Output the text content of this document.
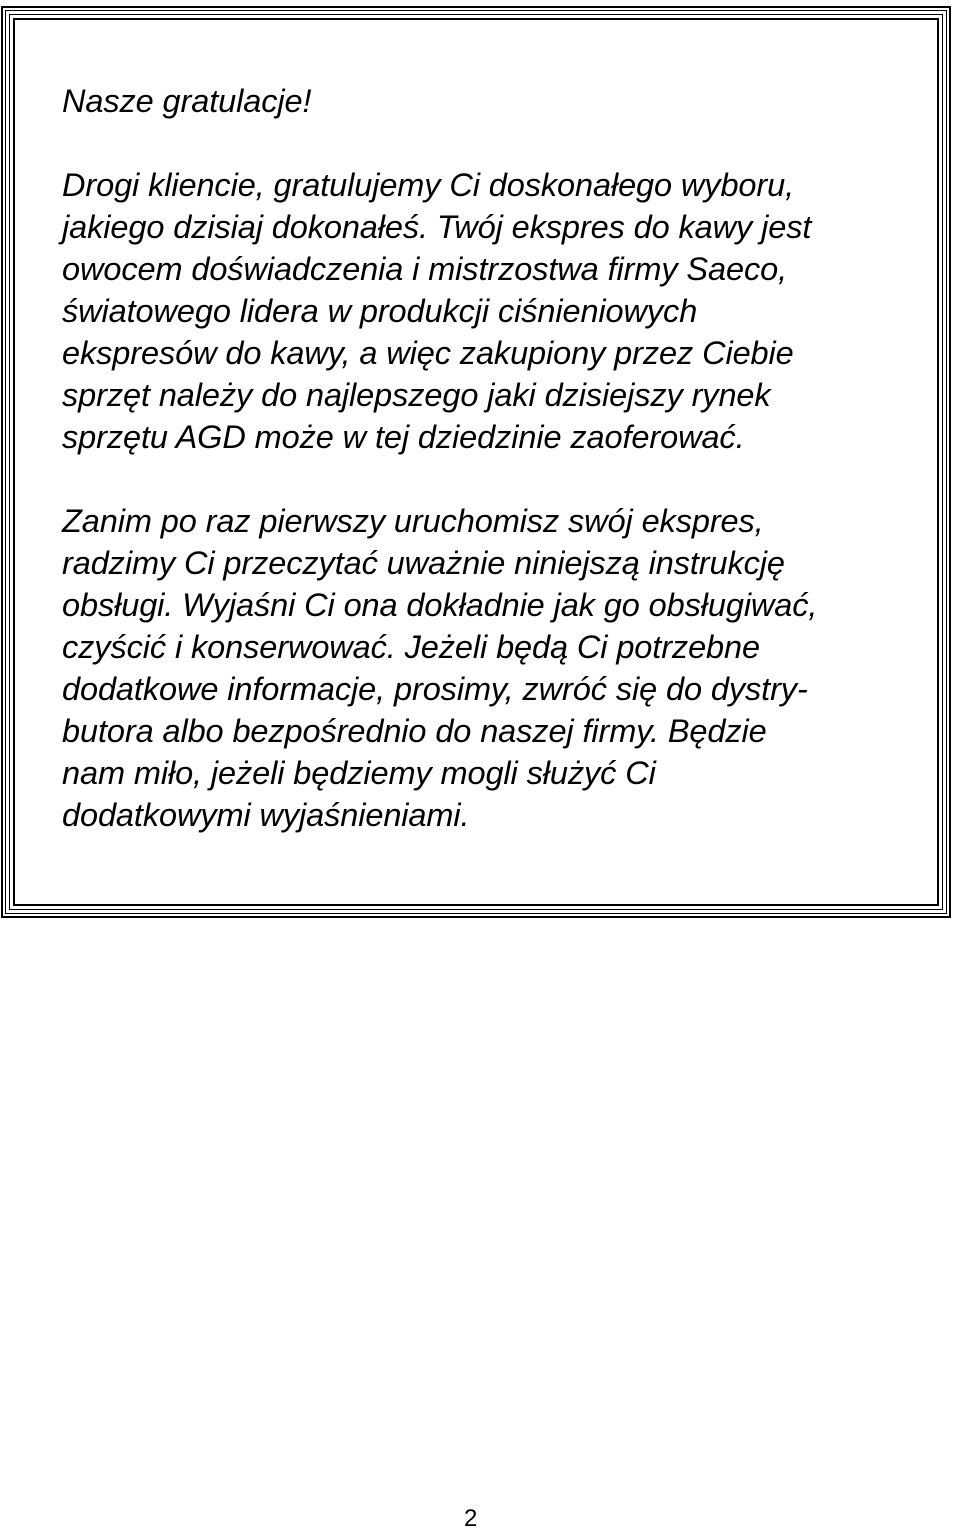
Nasze gratulacje!

Drogi kliencie, gratulujemy Ci doskonałego wyboru,
jakiego dzisiaj dokonałeś. Twój ekspres do kawy jest
owocem doświadczenia i mistrzostwa firmy Saeco,
światowego lidera w produkcji ciśnieniowych
ekspresów do kawy, a więc zakupiony przez Ciebie
sprzęt należy do najlepszego jaki dzisiejszy rynek
sprzętu AGD może w tej dziedzinie zaoferować.

Zanim po raz pierwszy uruchomisz swój ekspres,
radzimy Ci przeczytać uważnie niniejszą instrukcję
obsługi. Wyjaśni Ci ona dokładnie jak go obsługiwać,
czyścić i konserwować. Jeżeli będą Ci potrzebne
dodatkowe informacje, prosimy, zwróć się do dystry-
butora albo bezpośrednio do naszej firmy. Będzie
nam miło, jeżeli będziemy mogli służyć Ci
dodatkowymi wyjaśnieniami.

2
